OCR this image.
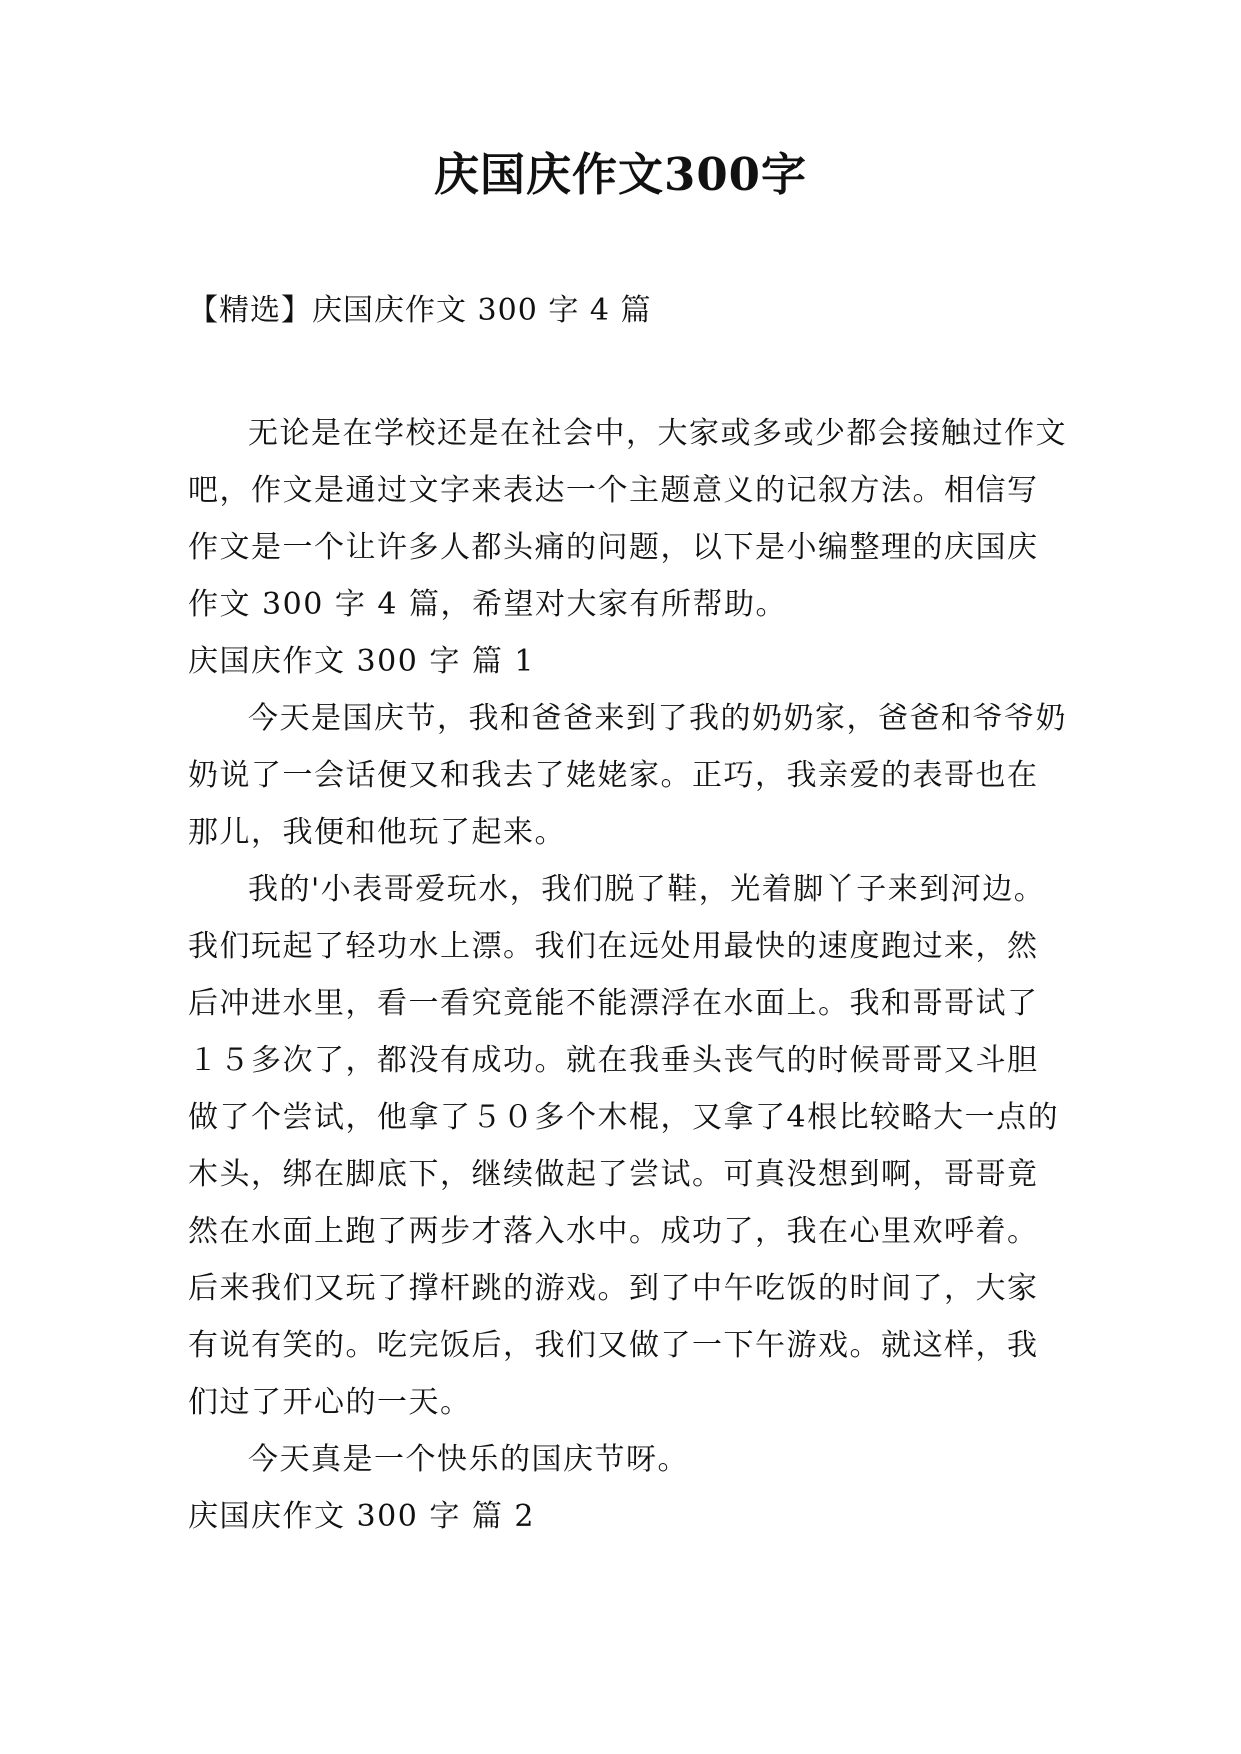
庆国庆作文300字
【精选】庆国庆作文 300 字 4 篇

无论是在学校还是在社会中，大家或多或少都会接触过作文吧，作文是通过文字来表达一个主题意义的记叙方法。相信写作文是一个让许多人都头痛的问题，以下是小编整理的庆国庆作文 300 字 4 篇，希望对大家有所帮助。

庆国庆作文 300 字 篇 1

今天是国庆节，我和爸爸来到了我的奶奶家，爸爸和爷爷奶奶说了一会话便又和我去了姥姥家。正巧，我亲爱的表哥也在那儿，我便和他玩了起来。

我的'小表哥爱玩水，我们脱了鞋，光着脚丫子来到河边。我们玩起了轻功水上漂。我们在远处用最快的速度跑过来，然后冲进水里，看一看究竟能不能漂浮在水面上。我和哥哥试了１５多次了，都没有成功。就在我垂头丧气的时候哥哥又斗胆做了个尝试，他拿了５０多个木棍，又拿了4根比较略大一点的木头，绑在脚底下，继续做起了尝试。可真没想到啊，哥哥竟然在水面上跑了两步才落入水中。成功了，我在心里欢呼着。后来我们又玩了撑杆跳的游戏。到了中午吃饭的时间了，大家有说有笑的。吃完饭后，我们又做了一下午游戏。就这样，我们过了开心的一天。

今天真是一个快乐的国庆节呀。

庆国庆作文 300 字 篇 2
